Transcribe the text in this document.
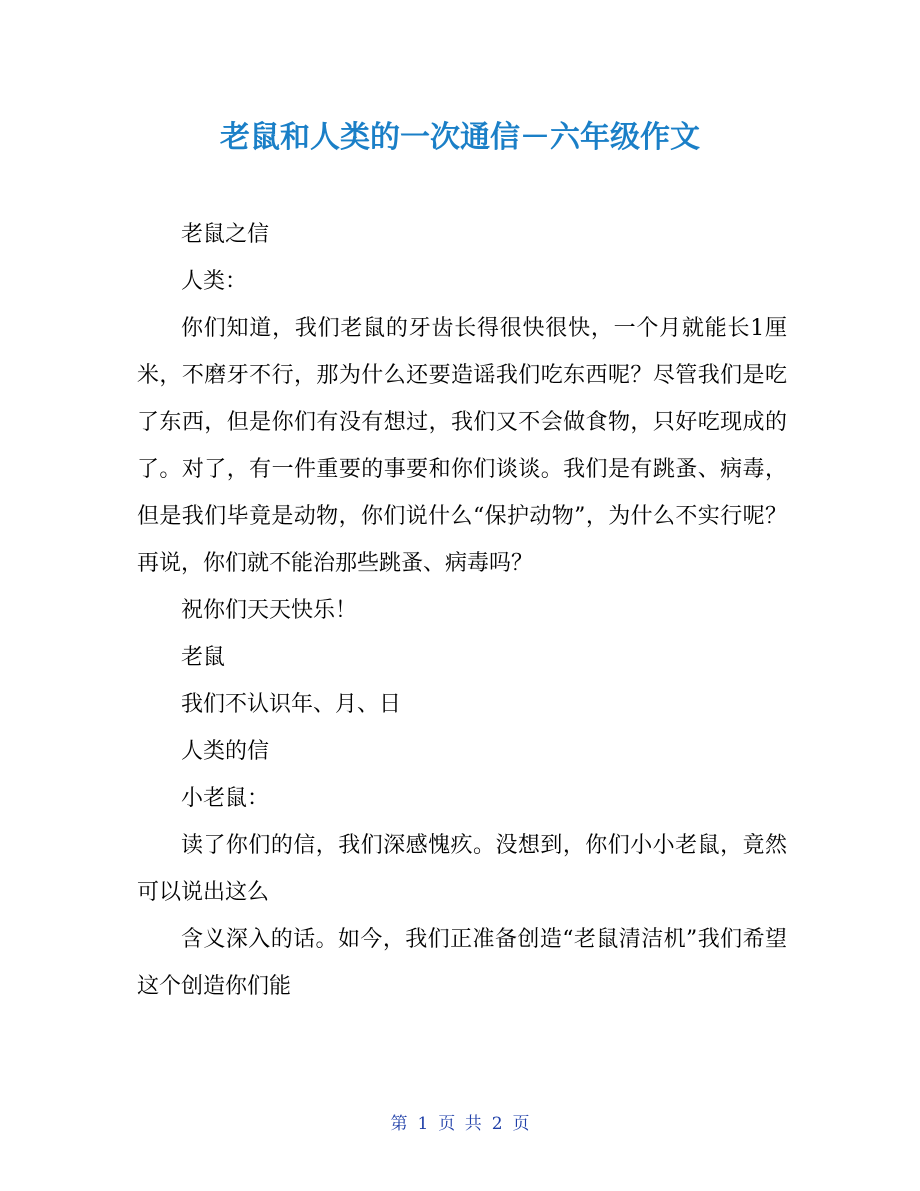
老鼠和人类的一次通信－六年级作文

老鼠之信

人类：

你们知道，我们老鼠的牙齿长得很快很快，一个月就能长1厘米，不磨牙不行，那为什么还要造谣我们吃东西呢？尽管我们是吃了东西，但是你们有没有想过，我们又不会做食物，只好吃现成的了。对了，有一件重要的事要和你们谈谈。我们是有跳蚤、病毒，但是我们毕竟是动物，你们说什么“保护动物”，为什么不实行呢？再说，你们就不能治那些跳蚤、病毒吗？

祝你们天天快乐！

老鼠

我们不认识年、月、日

人类的信

小老鼠：

读了你们的信，我们深感愧疚。没想到，你们小小老鼠，竟然可以说出这么

含义深入的话。如今，我们正准备创造“老鼠清洁机”我们希望这个创造你们能

第 1 页 共 2 页
